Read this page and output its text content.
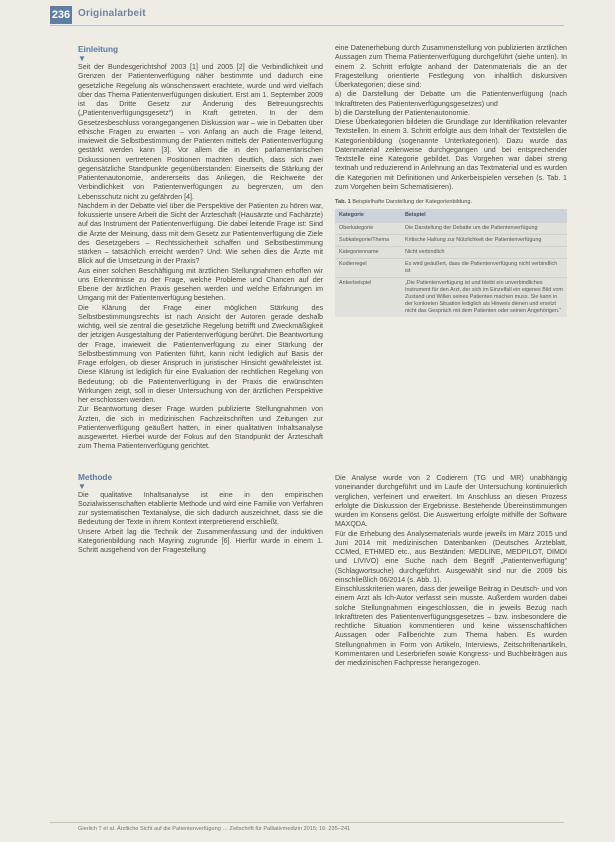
236 Originalarbeit

Einleitung

▼

Seit der Bundesgerichtshof 2003 [1] und 2005 [2] die Verbindlichkeit und Grenzen der Patientenverfügung näher bestimmte und dadurch eine gesetzliche Regelung als wünschenswert erachtete, wurde und wird vielfach über das Thema Patientenverfügungen diskutiert. Erst am 1. September 2009 ist das Dritte Gesetz zur Änderung des Betreuungsrechts („Patientenverfügungsgesetz“) in Kraft getreten. In der dem Gesetzesbeschluss vorangegangenen Diskussion war – wie in Debatten über ethische Fragen zu erwarten – von Anfang an auch die Frage leitend, inwieweit die Selbstbestimmung der Patienten mittels der Patientenverfügung gestärkt werden kann [3]. Vor allem die in den parlamentarischen Diskussionen vertretenen Positionen machten deutlich, dass sich zwei gegensätzliche Standpunkte gegenüberstanden: Einerseits die Stärkung der Patientenautonomie, andererseits das Anliegen, die Reichweite der Verbindlichkeit von Patientenverfügungen zu begrenzen, um den Lebensschutz nicht zu gefährden [4].

Nachdem in der Debatte viel über die Perspektive der Patienten zu hören war, fokussierte unsere Arbeit die Sicht der Ärzteschaft (Hausärzte und Fachärzte) auf das Instrument der Patientenverfügung. Die dabei leitende Frage ist: Sind die Ärzte der Meinung, dass mit dem Gesetz zur Patientenverfügung die Ziele des Gesetzgebers – Rechtssicherheit schaffen und Selbstbestimmung stärken – tatsächlich erreicht werden? Und: Wie sehen dies die Ärzte mit Blick auf die Umsetzung in der Praxis?

Aus einer solchen Beschäftigung mit ärztlichen Stellungnahmen erhoffen wir uns Erkenntnisse zu der Frage, welche Probleme und Chancen auf der Ebene der ärztlichen Praxis gesehen werden und welche Erfahrungen im Umgang mit der Patientenverfügung bestehen.

Die Klärung der Frage einer möglichen Stärkung des Selbstbestimmungsrechts ist nach Ansicht der Autoren gerade deshalb wichtig, weil sie zentral die gesetzliche Regelung betrifft und Zweckmäßigkeit der jetzigen Ausgestaltung der Patientenverfügung berührt. Die Beantwortung der Frage, inwieweit die Patientenverfügung zu einer Stärkung der Selbstbestimmung von Patienten führt, kann nicht lediglich auf Basis der Frage erfolgen, ob dieser Anspruch in juristischer Hinsicht gewährleistet ist. Diese Klärung ist lediglich für eine Evaluation der rechtlichen Regelung von Bedeutung; ob die Patientenverfügung in der Praxis die erwünschten Wirkungen zeigt, soll in dieser Untersuchung von der ärztlichen Perspektive her erschlossen werden.

Zur Beantwortung dieser Frage wurden publizierte Stellungnahmen von Ärzten, die sich in medizinischen Fachzeitschriften und Zeitungen zur Patientenverfügung geäußert hatten, in einer qualitativen Inhaltsanalyse ausgewertet. Hierbei wurde der Fokus auf den Standpunkt der Ärzteschaft zum Thema Patientenverfügung gerichtet.

Methode

▼

Die qualitative Inhaltsanalyse ist eine in den empirischen Sozialwissenschaften etablierte Methode und wird eine Familie von Verfahren zur systematischen Textanalyse, die sich dadurch auszeichnet, dass sie die Bedeutung der Texte in ihrem Kontext interpretierend erschließt.

Unsere Arbeit lag die Technik der Zusammenfassung und der induktiven Kategorienbildung nach Mayring zugrunde [6]. Hierfür wurde in einem 1. Schritt ausgehend von der Fragestellung

eine Datenerhebung durch Zusammenstellung von publizierten ärztlichen Aussagen zum Thema Patientenverfügung durchgeführt (siehe unten). In einem 2. Schritt erfolgte anhand der Datenmaterials die an der Fragestellung orientierte Festlegung von inhaltlich diskursiven Überkategorien; diese sind:

a) die Darstellung der Debatte um die Patientenverfügung (nach Inkrafttreten des Patientenverfügungsgesetzes) und

b) die Darstellung der Patientenautonomie.

Diese Überkategorien bildeten die Grundlage zur Identifikation relevanter Textstellen. In einem 3. Schritt erfolgte aus dem Inhalt der Textstellen die Kategorienbildung (sogenannte Unterkategorien). Dazu wurde das Datenmaterial zeilenweise durchgegangen und bei entsprechender Textstelle eine Kategorie gebildet. Das Vorgehen war dabei streng textnah und reduzierend in Anlehnung an das Textmaterial und es wurden die Kategorien mit Definitionen und Ankerbeispielen versehen (s. Tab. 1 zum Vorgehen beim Schematisieren).

Tab. 1 Beispielhafte Darstellung der Kategorienbildung.

Kategorie	Beispiel
Oberkategorie	Die Darstellung der Debatte um die Patientenverfügung
Subkategorie/Thema	Kritische Haltung zur Nützlichkeit der Patientenverfügung
Kategorienname	Nicht verbindlich
Kodierregel	Es wird geäußert, dass die Patientenverfügung nicht verbindlich ist
Ankerbeispiel	„Die Patientenverfügung ist und bleibt ein unverbindliches Instrument für den Arzt, der sich im Einzelfall ein eigenes Bild vom Zustand und Willen seines Patienten machen muss. Sie kann in der konkreten Situation lediglich als Hinweis dienen und ersetzt nicht das Gespräch mit dem Patienten oder seinen Angehörigen.“

Die Analyse wurde von 2 Codierern (TG und MR) unabhängig voneinander durchgeführt und im Laufe der Untersuchung kontinuierlich verglichen, verfeinert und erweitert. Im Anschluss an diesen Prozess erfolgte die Diskussion der Ergebnisse. Bestehende Übereinstimmungen wurden im Konsens gelöst. Die Auswertung erfolgte mithilfe der Software MAXQDA.

Für die Erhebung des Analysematerials wurde jeweils im März 2015 und Juni 2014 mit medizinischen Datenbanken (Deutsches Ärzteblatt, CCMed, ETHMED etc., aus Beständen: MEDLINE, MEDPILOT, DIMDI und LIVIVO) eine Suche nach dem Begriff „Patientenverfügung“ (Schlagwortsuche) durchgeführt. Ausgewählt sind nur die 2009 bis einschließlich 06/2014 (s. Abb. 1).

Einschlusskriterien waren, dass der jeweilige Beitrag in Deutsch- und von einem Arzt als Ich-Autor verfasst sein musste. Außerdem wurden dabei solche Stellungnahmen eingeschlossen, die in jeweils Bezug nach Inkrafttreten des Patientenverfügungsgesetzes – bzw. insbesondere die rechtliche Situation kommentieren und keine wissenschaftlichen Aussagen oder Fallberichte zum Thema haben. Es wurden Stellungnahmen in Form von Artikeln, Interviews, Zeitschriftenartikeln, Kommentaren und Leserbriefen sowie Kongress- und Buchbeiträgen aus der medizinischen Fachpresse herangezogen.

Gierlich T et al. Ärztliche Sicht auf die Patientenverfügung … Zeitschrift für Palliativmedizin 2015; 16: 235–241
